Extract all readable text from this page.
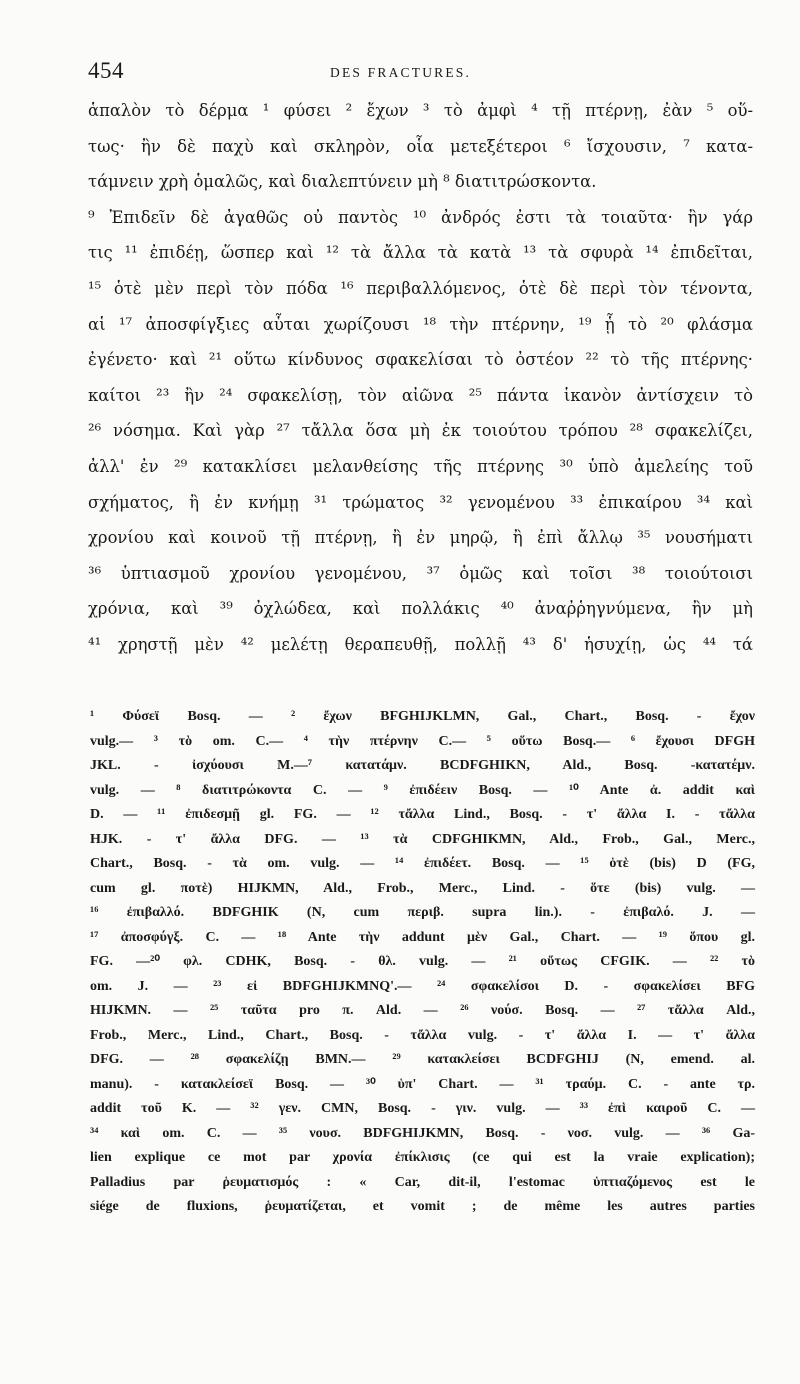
454	DES FRACTURES.
ἁπαλὸν τὸ δέρμα ¹ φύσει ² ἔχων ³ τὸ ἀμφὶ ⁴ τῇ πτέρνῃ, ἐὰν ⁵ οὕ-
τως· ἢν δὲ παχὺ καὶ σκληρὸν, οἷα μετεξέτεροι ⁶ ἴσχουσιν, ⁷ κατα-
τάμνειν χρὴ ὁμαλῶς, καὶ διαλεπτύνειν μὴ ⁸ διατιτρώσκοντα.
⁹ Ἐπιδεῖν δὲ ἀγαθῶς οὐ παντὸς ¹⁰ ἀνδρός ἐστι τὰ τοιαῦτα· ἢν γάρ
τις ¹¹ ἐπιδέῃ, ὥσπερ καὶ ¹² τὰ ἄλλα τὰ κατὰ ¹³ τὰ σφυρὰ ¹⁴ ἐπιδεῖται,
¹⁵ ὁτὲ μὲν περὶ τὸν πόδα ¹⁶ περιβαλλόμενος, ὁτὲ δὲ περὶ τὸν τένοντα,
αἱ ¹⁷ ἀποσφίγξιες αὗται χωρίζουσι ¹⁸ τὴν πτέρνην, ¹⁹ ᾗ τὸ ²⁰ φλάσμα
ἐγένετο· καὶ ²¹ οὕτω κίνδυνος σφακελίσαι τὸ ὀστέον ²² τὸ τῆς πτέρνης·
καίτοι ²³ ἢν ²⁴ σφακελίσῃ, τὸν αἰῶνα ²⁵ πάντα ἱκανὸν ἀντίσχειν τὸ
²⁶ νόσημα. Καὶ γὰρ ²⁷ τἄλλα ὅσα μὴ ἐκ τοιούτου τρόπου ²⁸ σφακελίζει,
ἀλλ' ἐν ²⁹ κατακλίσει μελανθείσης τῆς πτέρνης ³⁰ ὑπὸ ἀμελείης τοῦ
σχήματος, ἢ ἐν κνήμῃ ³¹ τρώματος ³² γενομένου ³³ ἐπικαίρου ³⁴ καὶ
χρονίου καὶ κοινοῦ τῇ πτέρνῃ, ἢ ἐν μηρῷ, ἢ ἐπὶ ἄλλῳ ³⁵ νουσήματι
³⁶ ὑπτιασμοῦ χρονίου γενομένου, ³⁷ ὁμῶς καὶ τοῖσι ³⁸ τοιούτοισι
χρόνια, καὶ ³⁹ ὀχλώδεα, καὶ πολλάκις ⁴⁰ ἀναῤῥηγνύμενα, ἢν μὴ
⁴¹ χρηστῇ μὲν ⁴² μελέτῃ θεραπευθῇ, πολλῇ ⁴³ δ' ἡσυχίῃ, ὡς ⁴⁴ τά
¹ Φύσεϊ Bosq. — ² ἔχων BFGHIJKLMN, Gal., Chart., Bosq. - ἔχον
vulg.— ³ τὸ om. C.— ⁴ τὴν πτέρνην C.— ⁵ οὕτω Bosq.— ⁶ ἔχουσι DFGH
JKL. - ἰσχύουσι M.—⁷ κατατάμν. BCDFGHIKN, Ald., Bosq. -κατατέμν.
vulg. — ⁸ διατιτρώκοντα C. — ⁹ ἐπιδέειν Bosq. — ¹⁰ Ante ἀ. addit καὶ
D. — ¹¹ ἐπιδεσμῇ gl. FG. — ¹² τἄλλα Lind., Bosq. - τ' ἄλλα I. - τἄλλα
HJK. - τ' ἄλλα DFG. — ¹³ τὰ CDFGHIKMN, Ald., Frob., Gal., Merc.,
Chart., Bosq. - τὰ om. vulg. — ¹⁴ ἐπιδέετ. Bosq. — ¹⁵ ὁτὲ (bis) D (FG,
cum gl. ποτὲ) HIJKMN, Ald., Frob., Merc., Lind. - ὅτε (bis) vulg. —
¹⁶ ἐπιβαλλό. BDFGHIK (N, cum περιβ. supra lin.). - ἐπιβαλό. J. —
¹⁷ ἀποσφύγξ. C. — ¹⁸ Ante τὴν addunt μὲν Gal., Chart. — ¹⁹ ὅπου gl.
FG. —²⁰ φλ. CDHK, Bosq. - θλ. vulg. — ²¹ οὕτως CFGIK. — ²² τὸ
om. J. — ²³ εἰ BDFGHIJKMNQ'.— ²⁴ σφακελίσοι D. - σφακελίσει BFG
HIJKMN. — ²⁵ ταῦτα pro π. Ald. — ²⁶ νούσ. Bosq. — ²⁷ τἄλλα Ald.,
Frob., Merc., Lind., Chart., Bosq. - τἄλλα vulg. - τ' ἄλλα I. — τ' ἄλλα
DFG. — ²⁸ σφακελίζῃ BMN.— ²⁹ κατακλείσει BCDFGHIJ (N, emend. al.
manu). - κατακλείσεϊ Bosq. — ³⁰ ὑπ' Chart. — ³¹ τραύμ. C. - ante τρ.
addit τοῦ K. — ³² γεν. CMN, Bosq. - γιν. vulg. — ³³ ἐπὶ καιροῦ C. —
³⁴ καὶ om. C. — ³⁵ νουσ. BDFGHIJKMN, Bosq. - νοσ. vulg. — ³⁶ Ga-
lien explique ce mot par χρονία ἐπίκλισις (ce qui est la vraie explication);
Palladius par ῥευματισμός : « Car, dit-il, l'estomac ὑπτιαζόμενος est le
siége de fluxions, ῥευματίζεται, et vomit ; de même les autres parties
